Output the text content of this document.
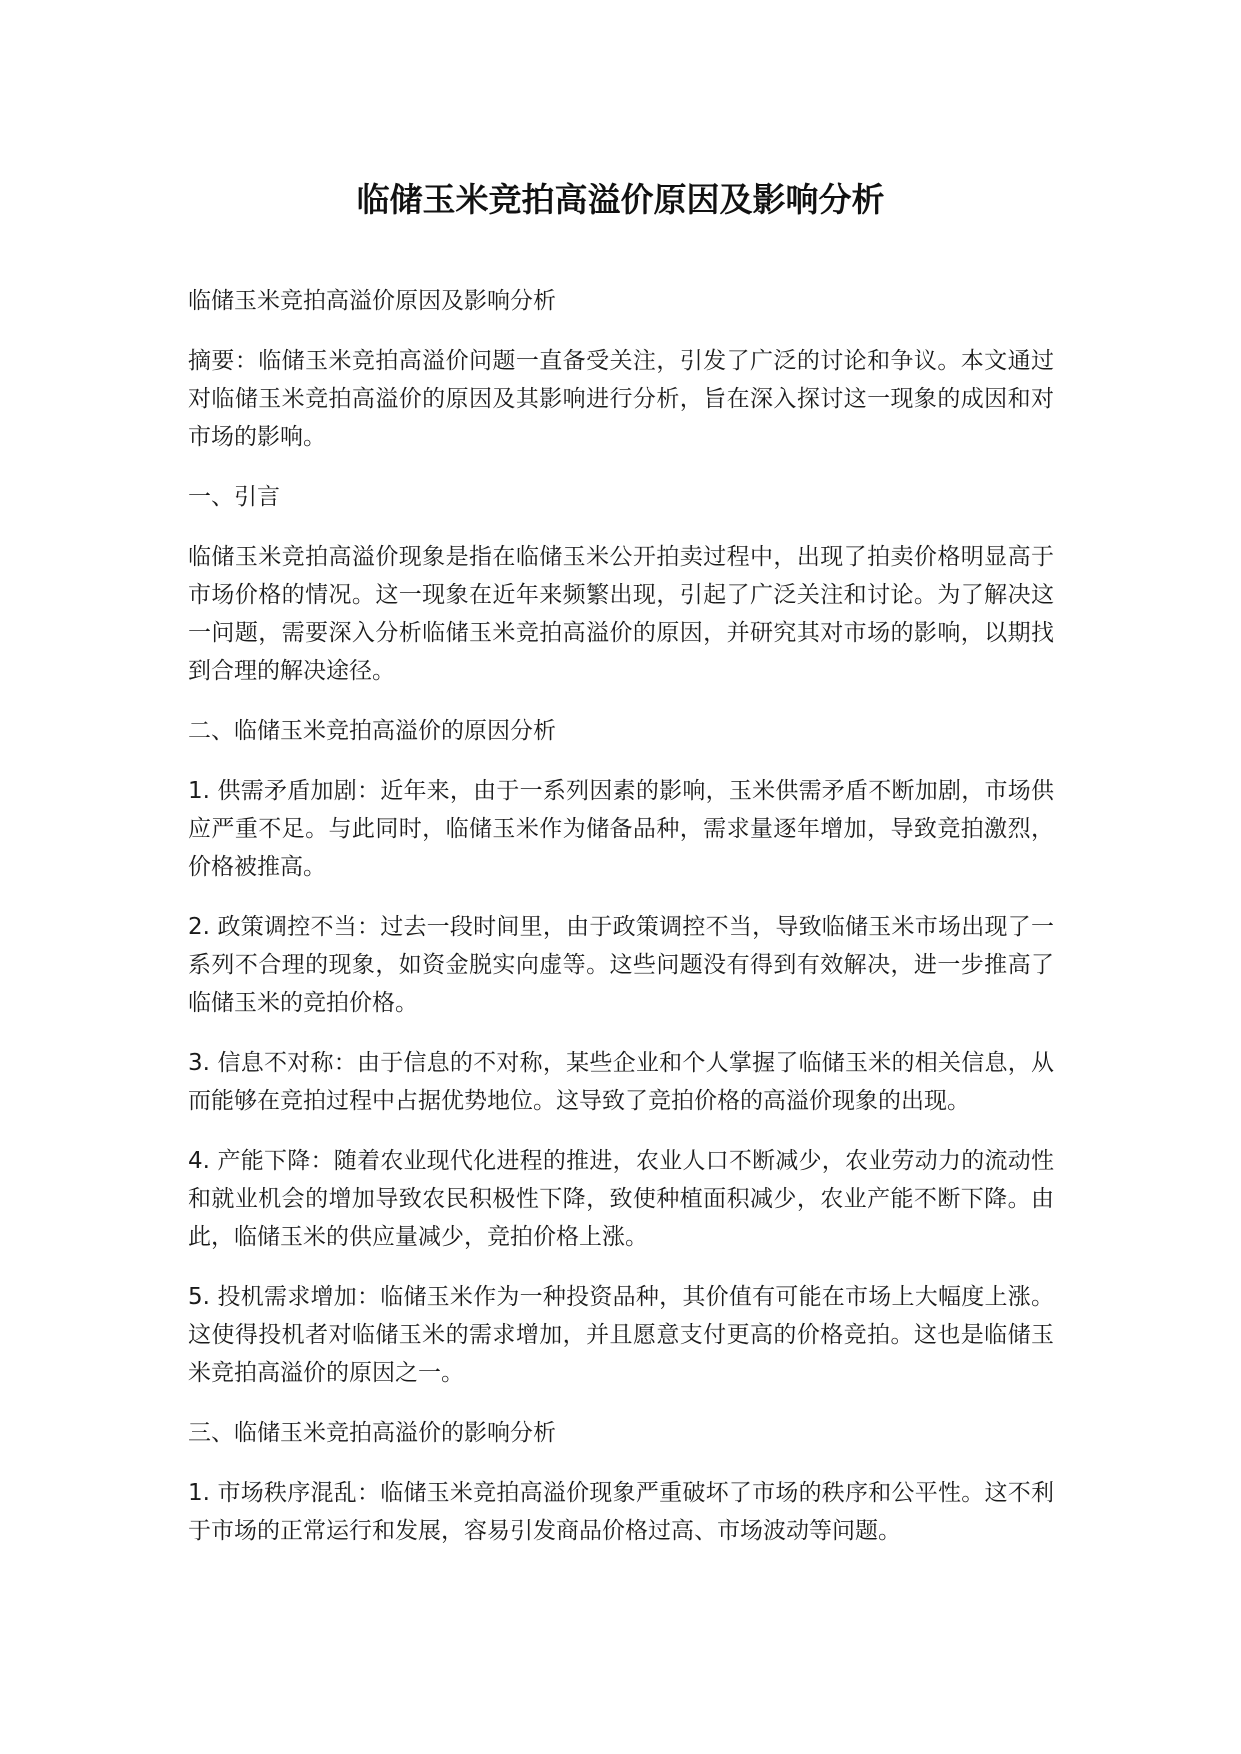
临储玉米竞拍高溢价原因及影响分析

临储玉米竞拍高溢价原因及影响分析

摘要：临储玉米竞拍高溢价问题一直备受关注，引发了广泛的讨论和争议。本文通过对临储玉米竞拍高溢价的原因及其影响进行分析，旨在深入探讨这一现象的成因和对市场的影响。

一、引言

临储玉米竞拍高溢价现象是指在临储玉米公开拍卖过程中，出现了拍卖价格明显高于市场价格的情况。这一现象在近年来频繁出现，引起了广泛关注和讨论。为了解决这一问题，需要深入分析临储玉米竞拍高溢价的原因，并研究其对市场的影响，以期找到合理的解决途径。

二、临储玉米竞拍高溢价的原因分析

1. 供需矛盾加剧：近年来，由于一系列因素的影响，玉米供需矛盾不断加剧，市场供应严重不足。与此同时，临储玉米作为储备品种，需求量逐年增加，导致竞拍激烈，价格被推高。

2. 政策调控不当：过去一段时间里，由于政策调控不当，导致临储玉米市场出现了一系列不合理的现象，如资金脱实向虚等。这些问题没有得到有效解决，进一步推高了临储玉米的竞拍价格。

3. 信息不对称：由于信息的不对称，某些企业和个人掌握了临储玉米的相关信息，从而能够在竞拍过程中占据优势地位。这导致了竞拍价格的高溢价现象的出现。

4. 产能下降：随着农业现代化进程的推进，农业人口不断减少，农业劳动力的流动性和就业机会的增加导致农民积极性下降，致使种植面积减少，农业产能不断下降。由此，临储玉米的供应量减少，竞拍价格上涨。

5. 投机需求增加：临储玉米作为一种投资品种，其价值有可能在市场上大幅度上涨。这使得投机者对临储玉米的需求增加，并且愿意支付更高的价格竞拍。这也是临储玉米竞拍高溢价的原因之一。

三、临储玉米竞拍高溢价的影响分析

1. 市场秩序混乱：临储玉米竞拍高溢价现象严重破坏了市场的秩序和公平性。这不利于市场的正常运行和发展，容易引发商品价格过高、市场波动等问题。
